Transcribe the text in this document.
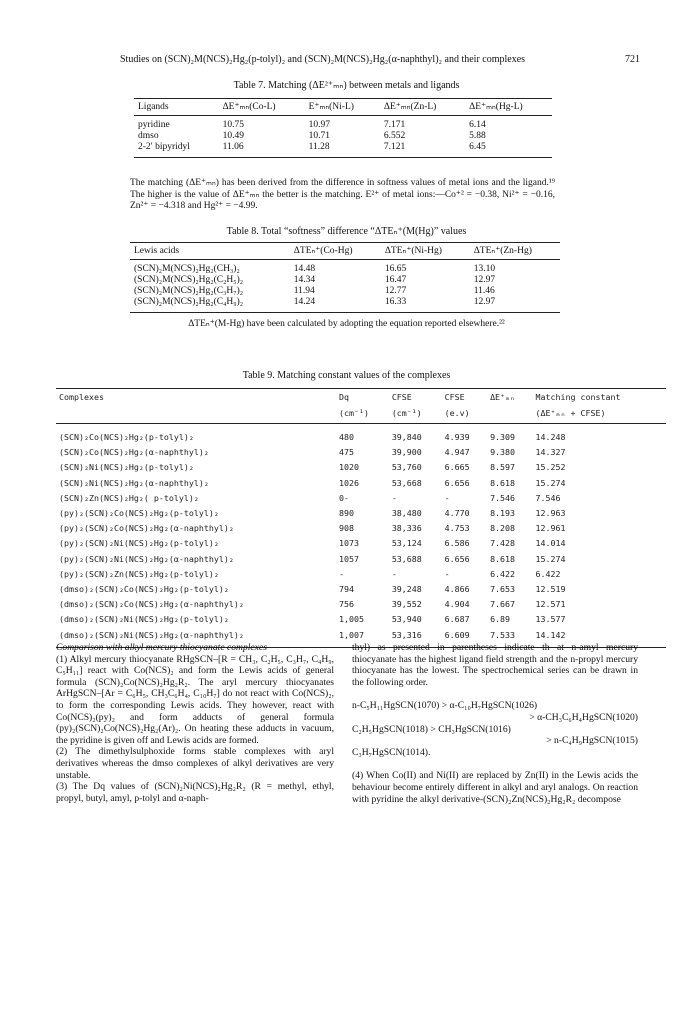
Studies on (SCN)₂M(NCS)₂Hg₂(p-tolyl)₂ and (SCN)₂M(NCS)₂Hg₂(α-naphthyl)₂ and their complexes	721
Table 7. Matching (ΔE²⁺ₘₙ) between metals and ligands
Ligands	ΔE⁺ₘₙ(Co-L)	E⁺ₘₙ(Ni-L)	ΔE⁺ₘₙ(Zn-L)	ΔE⁺ₘₙ(Hg-L)
pyridine	10.75	10.97	7.171	6.14
dmso	10.49	10.71	6.552	5.88
2-2′ bipyridyl	11.06	11.28	7.121	6.45
The matching (ΔE⁺ₘₙ) has been derived from the difference in softness values of metal ions and the ligand.¹⁹ The higher is the value of ΔE⁺ₘₙ the better is the matching. E²⁺ of metal ions:—Co⁺² = −0.38, Ni²⁺ = −0.16, Zn²⁺ = −4.318 and Hg²⁺ = −4.99.
Table 8. Total “softness” difference “ΔTEₙ⁺(M(Hg)” values
Lewis acids	ΔTEₙ⁺(Co-Hg)	ΔTEₙ⁺(Ni-Hg)	ΔTEₙ⁺(Zn-Hg)
(SCN)₂M(NCS)₂Hg₂(CH₃)₂	14.48	16.65	13.10
(SCN)₂M(NCS)₂Hg₂(C₂H₅)₂	14.34	16.47	12.97
(SCN)₂M(NCS)₂Hg₂(C₃H₇)₂	11.94	12.77	11.46
(SCN)₂M(NCS)₂Hg₂(C₄H₉)₂	14.24	16.33	12.97
ΔTEₙ⁺(M-Hg) have been calculated by adopting the equation reported elsewhere.²²
Table 9. Matching constant values of the complexes
Complexes	Dq	CFSE	CFSE	ΔE⁺ₘₙ	Matching constant
	(cm⁻¹)	(cm⁻¹)	(e.v)		(ΔE⁺ₘₙ + CFSE)
(SCN)₂Co(NCS)₂Hg₂(p-tolyl)₂	480	39,840	4.939	9.309	14.248
(SCN)₂Co(NCS)₂Hg₂(α-naphthyl)₂	475	39,900	4.947	9.380	14.327
(SCN)₂Ni(NCS)₂Hg₂(p-tolyl)₂	1020	53,760	6.665	8.597	15.252
(SCN)₂Ni(NCS)₂Hg₂(α-naphthyl)₂	1026	53,668	6.656	8.618	15.274
(SCN)₂Zn(NCS)₂Hg₂( p-tolyl)₂	0-	-	-	7.546	7.546
(py)₂(SCN)₂Co(NCS)₂Hg₂(p-tolyl)₂	890	38,480	4.770	8.193	12.963
(py)₂(SCN)₂Co(NCS)₂Hg₂(α-naphthyl)₂	908	38,336	4.753	8.208	12.961
(py)₂(SCN)₂Ni(NCS)₂Hg₂(p-tolyl)₂	1073	53,124	6.586	7.428	14.014
(py)₂(SCN)₂Ni(NCS)₂Hg₂(α-naphthyl)₂	1057	53,688	6.656	8.618	15.274
(py)₂(SCN)₂Zn(NCS)₂Hg₂(p-tolyl)₂	-	-	-	6.422	6.422
(dmso)₂(SCN)₂Co(NCS)₂Hg₂(p-tolyl)₂	794	39,248	4.866	7.653	12.519
(dmso)₂(SCN)₂Co(NCS)₂Hg₂(α-naphthyl)₂	756	39,552	4.904	7.667	12.571
(dmso)₂(SCN)₂Ni(NCS)₂Hg₂(p-tolyl)₂	1,005	53,940	6.687	6.89	13.577
(dmso)₂(SCN)₂Ni(NCS)₂Hg₂(α-naphthyl)₂	1,007	53,316	6.609	7.533	14.142

Comparison with alkyl mercury thiocyanate complexes

(1) Alkyl mercury thiocyanate RHgSCN–[R = CH₃, C₂H₅, C₃H₇, C₄H₉, C₅H₁₁] react with Co(NCS)₂ and form the Lewis acids of general formula (SCN)₂Co(NCS)₂Hg₂R₂. The aryl mercury thiocyanates ArHgSCN–[Ar = C₆H₅, CH₃C₆H₄, C₁₀H₇] do not react with Co(NCS)₂, to form the corresponding Lewis acids. They however, react with Co(NCS)₂(py)₂ and form adducts of general formula (py)₂(SCN)₂Co(NCS)₂Hg₂(Ar)₂. On heating these adducts in vacuum, the pyridine is given off and Lewis acids are formed.

(2) The dimethylsulphoxide forms stable complexes with aryl derivatives whereas the dmso complexes of alkyl derivatives are very unstable.

(3) The Dq values of (SCN)₂Ni(NCS)₂Hg₂R₂ (R = methyl, ethyl, propyl, butyl, amyl, p-tolyl and α-naph-

thyl) as presented in parentheses indicate th at n-amyl mercury thiocyanate has the highest ligand field strength and the n-propyl mercury thiocyanate has the lowest. The spectrochemical series can be drawn in the following order.

n-C₅H₁₁HgSCN(1070) > α-C₁₀H₇HgSCN(1026)

> α-CH₃C₆H₄HgSCN(1020)

C₂H₅HgSCN(1018) > CH₃HgSCN(1016)

> n-C₄H₉HgSCN(1015)

C₃H₇HgSCN(1014).

(4) When Co(II) and Ni(II) are replaced by Zn(II) in the Lewis acids the behaviour become entirely different in alkyl and aryl analogs. On reaction with pyridine the alkyl derivative-(SCN)₂Zn(NCS)₂Hg₂R₂ decompose
